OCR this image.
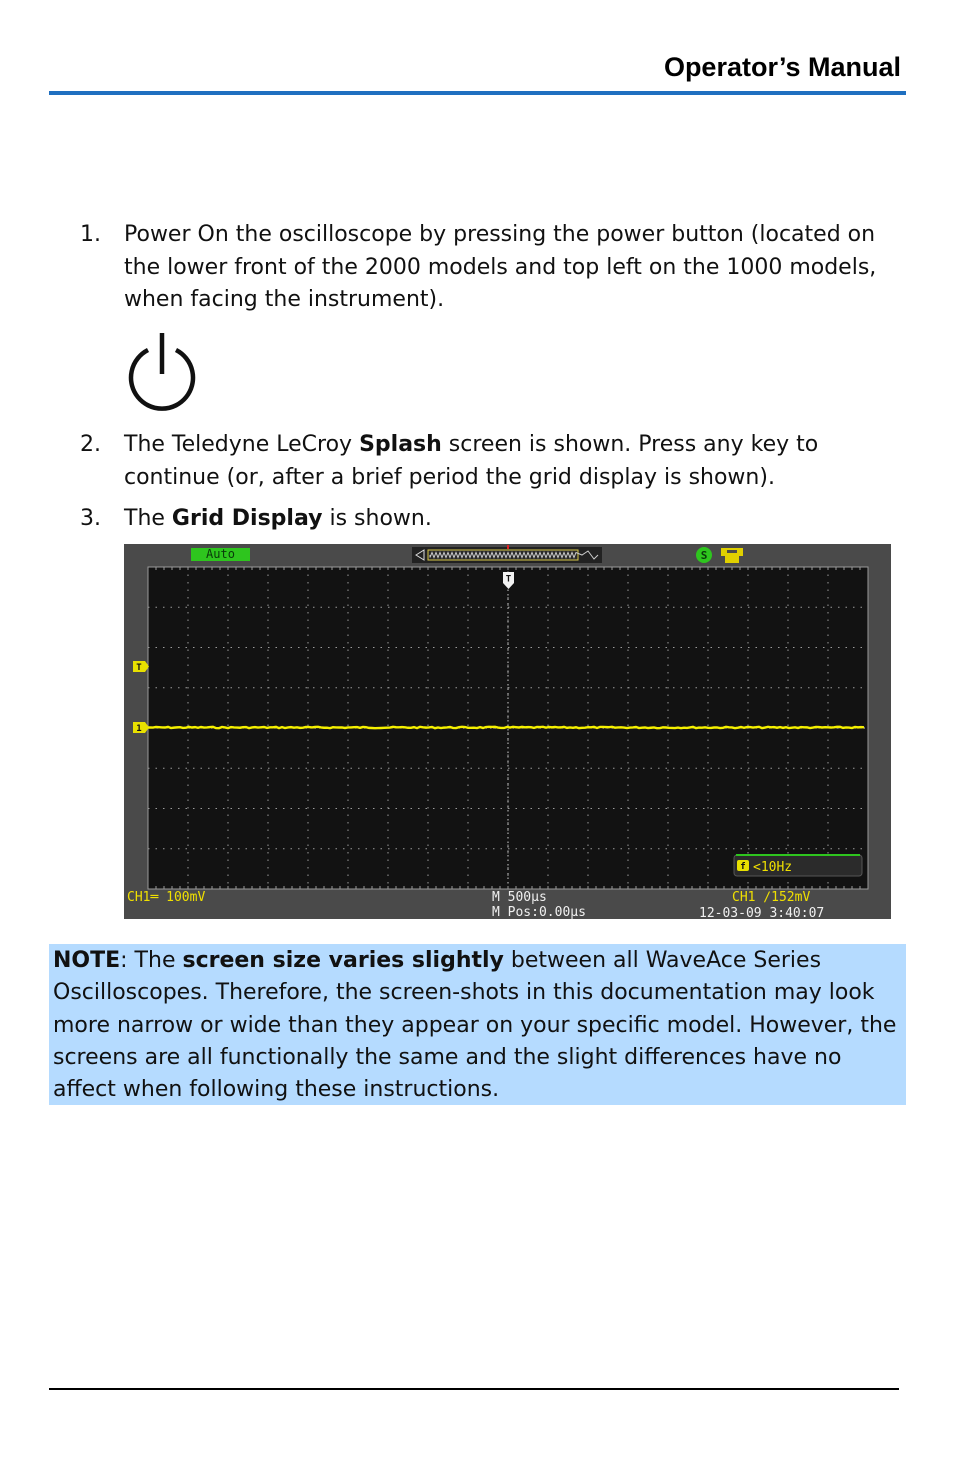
Operator’s Manual
1. Power On the oscilloscope by pressing the power button (located on the lower front of the 2000 models and top left on the 1000 models, when facing the instrument).
2. The Teledyne LeCroy Splash screen is shown. Press any key to continue (or, after a brief period the grid display is shown).
3. The Grid Display is shown.
Auto	S
T
T
1
f <10Hz
CH1═ 100mV	M 500μs
M Pos:0.00μs
CH1 ∕152mV
12-03-09 3:40:07
NOTE: The screen size varies slightly between all WaveAce Series Oscilloscopes. Therefore, the screen-shots in this documentation may look more narrow or wide than they appear on your specific model. However, the screens are all functionally the same and the slight differences have no affect when following these instructions.
